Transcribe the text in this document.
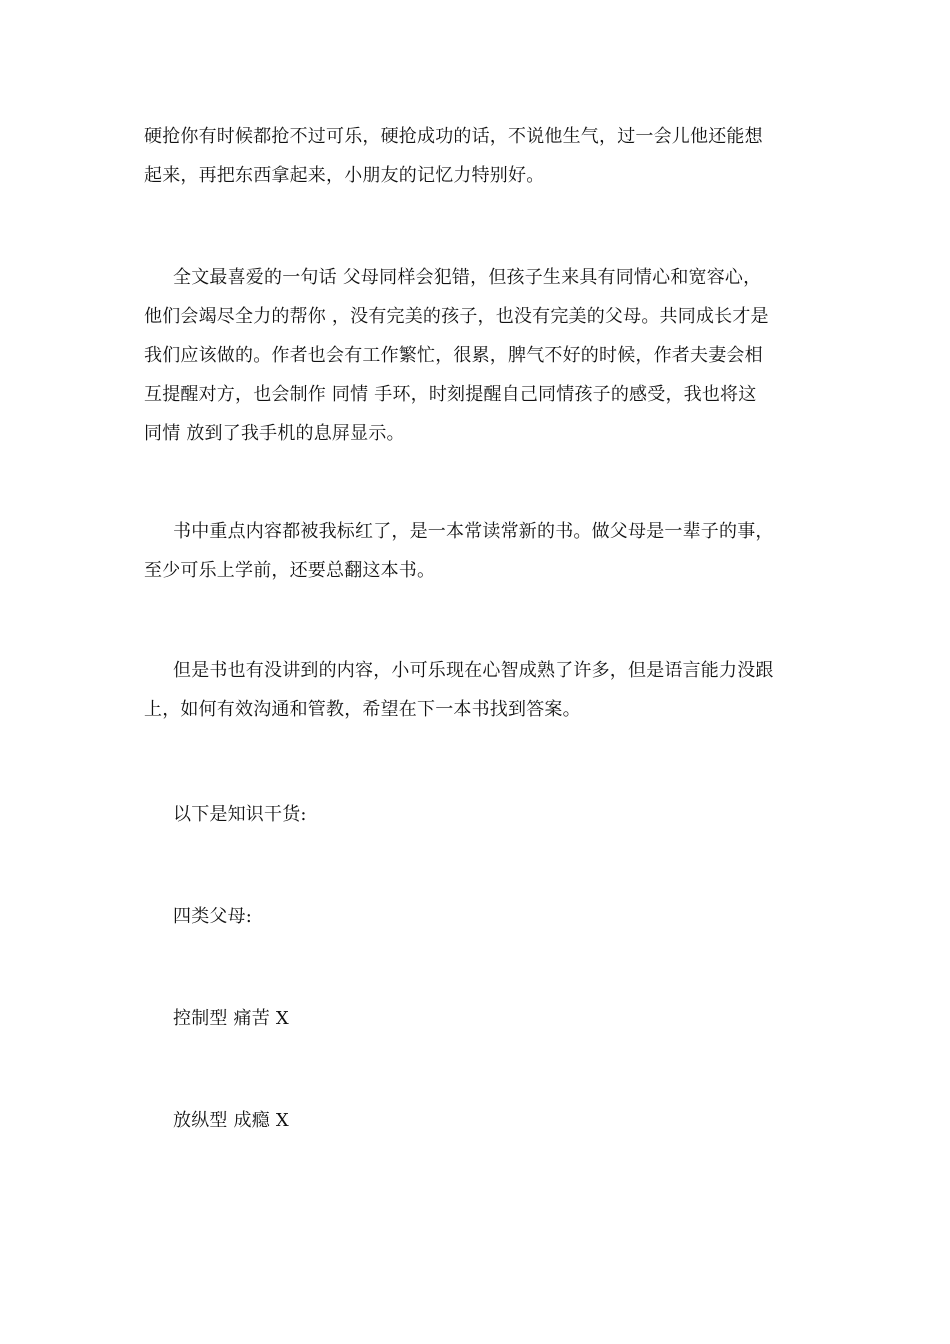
硬抢你有时候都抢不过可乐，硬抢成功的话，不说他生气，过一会儿他还能想
起来，再把东西拿起来，小朋友的记忆力特别好。
全文最喜爱的一句话 父母同样会犯错，但孩子生来具有同情心和宽容心，
他们会竭尽全力的帮你 ，没有完美的孩子，也没有完美的父母。共同成长才是
我们应该做的。作者也会有工作繁忙，很累，脾气不好的时候，作者夫妻会相
互提醒对方，也会制作 同情 手环，时刻提醒自己同情孩子的感受，我也将这
同情 放到了我手机的息屏显示。
书中重点内容都被我标红了，是一本常读常新的书。做父母是一辈子的事，
至少可乐上学前，还要总翻这本书。
但是书也有没讲到的内容，小可乐现在心智成熟了许多，但是语言能力没跟
上，如何有效沟通和管教，希望在下一本书找到答案。
以下是知识干货:
四类父母:
控制型 痛苦 X
放纵型 成瘾 X
